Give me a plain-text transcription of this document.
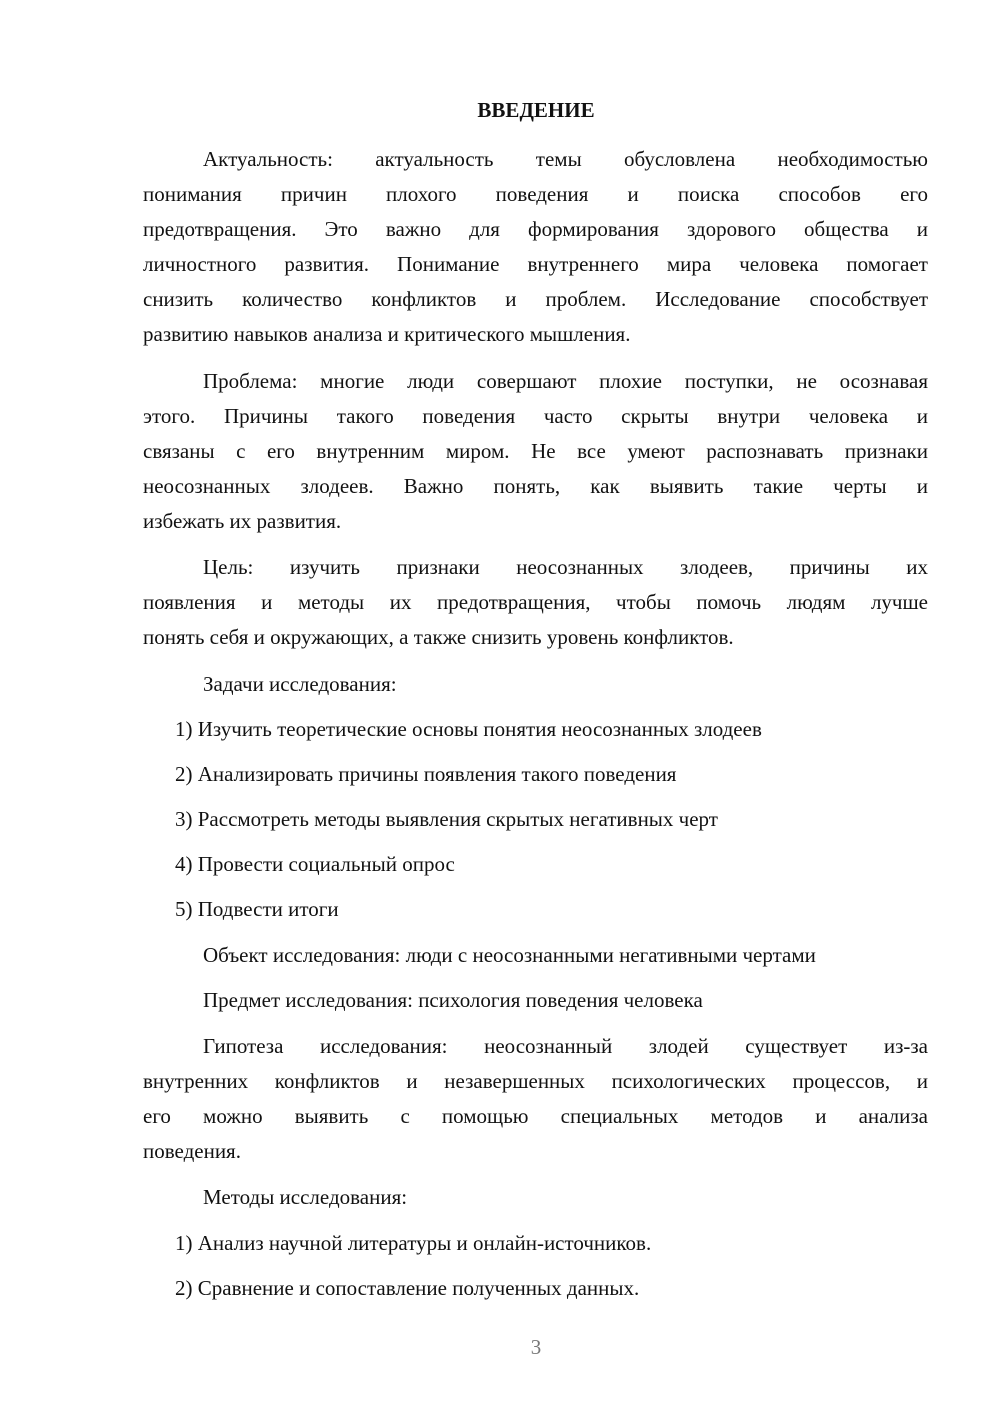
ВВЕДЕНИЕ
Актуальность: актуальность темы обусловлена необходимостью
понимания причин плохого поведения и поиска способов его
предотвращения. Это важно для формирования здорового общества и
личностного развития. Понимание внутреннего мира человека помогает
снизить количество конфликтов и проблем. Исследование способствует
развитию навыков анализа и критического мышления.
Проблема: многие люди совершают плохие поступки, не осознавая
этого. Причины такого поведения часто скрыты внутри человека и
связаны с его внутренним миром. Не все умеют распознавать признаки
неосознанных злодеев. Важно понять, как выявить такие черты и
избежать их развития.
Цель: изучить признаки неосознанных злодеев, причины их
появления и методы их предотвращения, чтобы помочь людям лучше
понять себя и окружающих, а также снизить уровень конфликтов.
Задачи исследования:
1) Изучить теоретические основы понятия неосознанных злодеев
2) Анализировать причины появления такого поведения
3) Рассмотреть методы выявления скрытых негативных черт
4) Провести социальный опрос
5) Подвести итоги
Объект исследования: люди с неосознанными негативными чертами
Предмет исследования: психология поведения человека
Гипотеза исследования: неосознанный злодей существует из-за
внутренних конфликтов и незавершенных психологических процессов, и
его можно выявить с помощью специальных методов и анализа
поведения.
Методы исследования:
1) Анализ научной литературы и онлайн-источников.
2) Сравнение и сопоставление полученных данных.
3
